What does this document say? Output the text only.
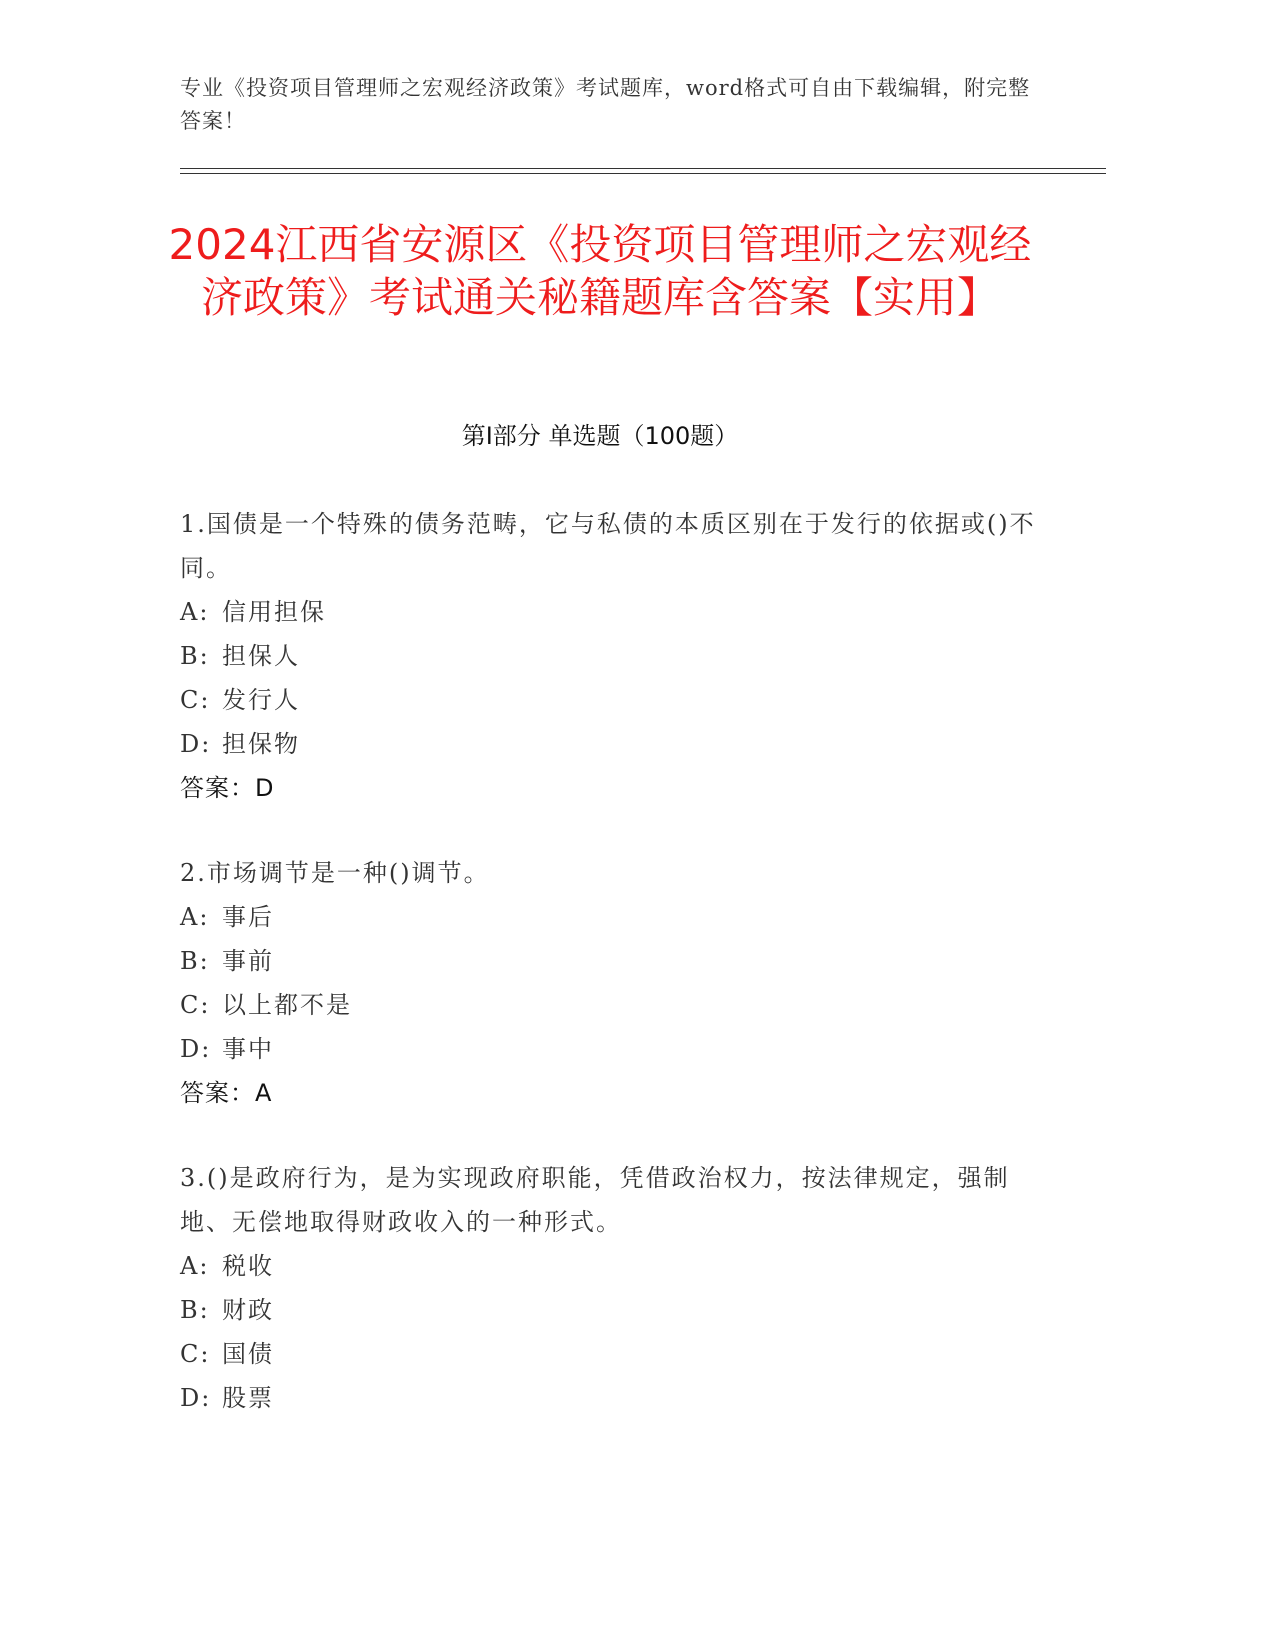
专业《投资项目管理师之宏观经济政策》考试题库，word格式可自由下载编辑，附完整答案！
2024江西省安源区《投资项目管理师之宏观经济政策》考试通关秘籍题库含答案【实用】
第I部分 单选题（100题）
1.国债是一个特殊的债务范畴，它与私债的本质区别在于发行的依据或()不同。
A: 信用担保
B: 担保人
C: 发行人
D: 担保物
答案：D
2.市场调节是一种()调节。
A: 事后
B: 事前
C: 以上都不是
D: 事中
答案：A
3.()是政府行为，是为实现政府职能，凭借政治权力，按法律规定，强制地、无偿地取得财政收入的一种形式。
A: 税收
B: 财政
C: 国债
D: 股票
